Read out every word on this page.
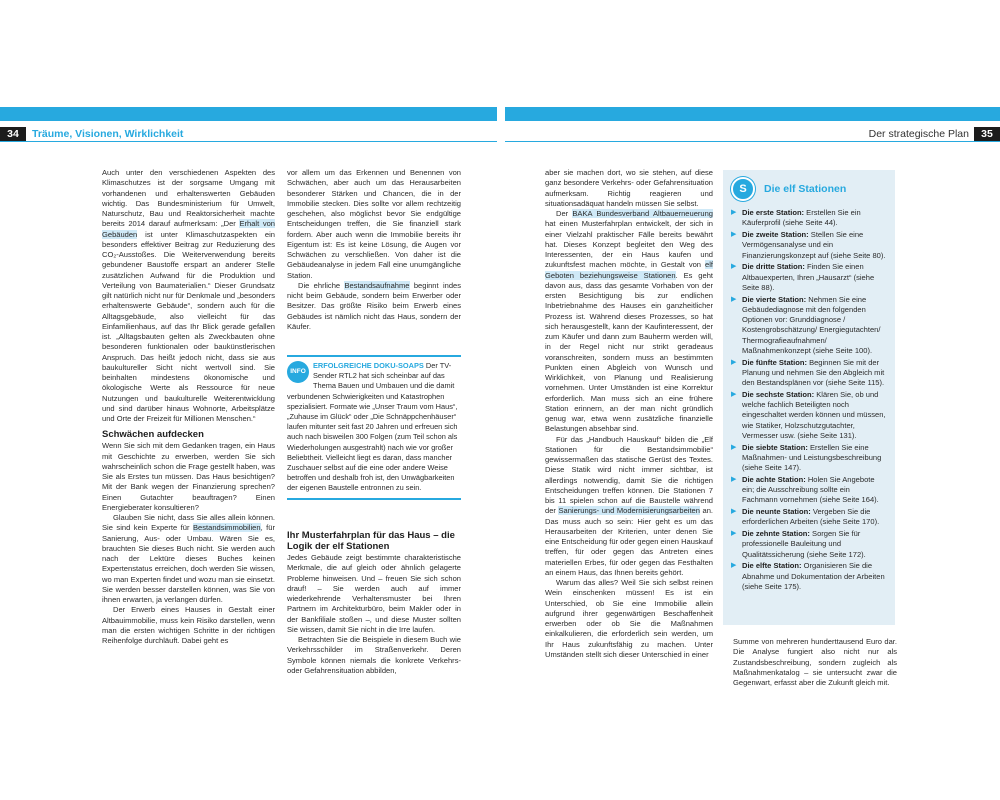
34 Träume, Visionen, Wirklichkeit	Der strategische Plan 35

Auch unter den verschiedenen Aspekten des Klimaschutzes ist der sorgsame Umgang mit vorhandenen und erhaltenswerten Gebäuden wichtig. Das Bundesministerium für Umwelt, Naturschutz, Bau und Reaktorsicherheit machte bereits 2014 darauf aufmerksam: „Der Erhalt von Gebäuden ist unter Klimaschutzaspekten ein besonders effektiver Beitrag zur Reduzierung des CO₂-Ausstoßes. Die Weiterverwendung bereits gebundener Baustoffe erspart an anderer Stelle zusätzlichen Aufwand für die Produktion und Verteilung von Baumaterialien.“ Dieser Grundsatz gilt natürlich nicht nur für Denkmale und „besonders erhaltenswerte Gebäude“, sondern auch für die Alltagsgebäude, also vielleicht für das Einfamilienhaus, auf das Ihr Blick gerade gefallen ist. „Alltagsbauten gelten als Zweckbauten ohne besonderen funktionalen oder baukünstlerischen Anspruch. Das heißt jedoch nicht, dass sie aus baukultureller Sicht nicht wertvoll sind. Sie beinhalten mindestens ökonomische und ökologische Werte als Ressource für neue Nutzungen und baukulturelle Weiterentwicklung und sind darüber hinaus Wohnorte, Arbeitsplätze und Orte der Freizeit für Millionen Menschen.“

Schwächen aufdecken

Wenn Sie sich mit dem Gedanken tragen, ein Haus mit Geschichte zu erwerben, werden Sie sich wahrscheinlich schon die Frage gestellt haben, was Sie als Erstes tun müssen. Das Haus besichtigen? Mit der Bank wegen der Finanzierung sprechen? Einen Gutachter beauftragen? Einen Energieberater konsultieren?

Glauben Sie nicht, dass Sie alles allein können. Sie sind kein Experte für Bestandsimmobilien, für Sanierung, Aus- oder Umbau. Wären Sie es, brauchten Sie dieses Buch nicht. Sie werden auch nach der Lektüre dieses Buches keinen Expertenstatus erreichen, doch werden Sie wissen, wo man Experten findet und wozu man sie einsetzt. Sie werden besser darstellen können, was Sie von ihnen erwarten, ja verlangen dürfen.

Der Erwerb eines Hauses in Gestalt einer Altbauimmobilie, muss kein Risiko darstellen, wenn man die ersten wichtigen Schritte in der richtigen Reihenfolge durchläuft. Dabei geht es

vor allem um das Erkennen und Benennen von Schwächen, aber auch um das Herausarbeiten besonderer Stärken und Chancen, die in der Immobilie stecken. Dies sollte vor allem rechtzeitig geschehen, also möglichst bevor Sie endgültige Entscheidungen treffen, die Sie finanziell stark fordern. Aber auch wenn die Immobilie bereits ihr Eigentum ist: Es ist keine Lösung, die Augen vor Schwächen zu verschließen. Von daher ist die Gebäudeanalyse in jedem Fall eine unumgängliche Station.

Die ehrliche Bestandsaufnahme beginnt indes nicht beim Gebäude, sondern beim Erwerber oder Besitzer. Das größte Risiko beim Erwerb eines Gebäudes ist nämlich nicht das Haus, sondern der Käufer.

INFO
ERFOLGREICHE DOKU-SOAPS Der TV-Sender RTL2 hat sich scheinbar auf das Thema Bauen und Umbauen und die damit verbundenen Schwierigkeiten und Katastrophen spezialisiert. Formate wie „Unser Traum vom Haus“, „Zuhause im Glück“ oder „Die Schnäppchenhäuser“ laufen mitunter seit fast 20 Jahren und erfreuen sich auch nach bisweilen 300 Folgen (zum Teil schon als Wiederholungen ausgestrahlt) nach wie vor großer Beliebtheit. Vielleicht liegt es daran, dass mancher Zuschauer selbst auf die eine oder andere Weise betroffen und deshalb froh ist, den Unwägbarkeiten der eigenen Baustelle entronnen zu sein.
Ihr Musterfahrplan für das Haus – die Logik der elf Stationen

Jedes Gebäude zeigt bestimmte charakteristische Merkmale, die auf gleich oder ähnlich gelagerte Probleme hinweisen. Und – freuen Sie sich schon drauf! – Sie werden auch auf immer wiederkehrende Verhaltensmuster bei Ihren Partnern im Architekturbüro, beim Makler oder in der Bankfiliale stoßen –, und diese Muster sollten Sie wissen, damit Sie nicht in die Irre laufen.

Betrachten Sie die Beispiele in diesem Buch wie Verkehrsschilder im Straßenverkehr. Deren Symbole können niemals die konkrete Verkehrs- oder Gefahrensituation abbilden,

aber sie machen dort, wo sie stehen, auf diese ganz besondere Verkehrs- oder Gefahrensituation aufmerksam. Richtig reagieren und situationsadäquat handeln müssen Sie selbst.

Der BAKA Bundesverband Altbauerneuerung hat einen Musterfahrplan entwickelt, der sich in einer Vielzahl praktischer Fälle bereits bewährt hat. Dieses Konzept begleitet den Weg des Interessenten, der ein Haus kaufen und zukunftsfest machen möchte, in Gestalt von elf Geboten beziehungsweise Stationen. Es geht davon aus, dass das gesamte Vorhaben von der ersten Besichtigung bis zur endlichen Inbetriebnahme des Hauses ein ganzheitlicher Prozess ist. Während dieses Prozesses, so hat sich herausgestellt, kann der Kaufinteressent, der zum Käufer und dann zum Bauherrn werden will, in der Regel nicht nur strikt geradeaus voranschreiten, sondern muss an bestimmten Punkten einen Abgleich von Wunsch und Wirklichkeit, von Planung und Realisierung vornehmen. Unter Umständen ist eine Korrektur erforderlich. Man muss sich an eine frühere Station erinnern, an der man nicht gründlich genug war, etwa wenn zusätzliche finanzielle Belastungen absehbar sind.

Für das „Handbuch Hauskauf“ bilden die „Elf Stationen für die Bestandsimmobilie“ gewissermaßen das statische Gerüst des Textes. Diese Statik wird nicht immer sichtbar, ist allerdings notwendig, damit Sie die richtigen Entscheidungen treffen können. Die Stationen 7 bis 11 spielen schon auf die Baustelle während der Sanierungs- und Modernisierungsarbeiten an. Das muss auch so sein: Hier geht es um das Herausarbeiten der Kriterien, unter denen Sie eine Entscheidung für oder gegen einen Hauskauf treffen, für oder gegen das Antreten eines materiellen Erbes, für oder gegen das Festhalten an einem Haus, das Ihnen bereits gehört.

Warum das alles? Weil Sie sich selbst reinen Wein einschenken müssen! Es ist ein Unterschied, ob Sie eine Immobilie allein aufgrund ihrer gegenwärtigen Beschaffenheit erwerben oder ob Sie die Maßnahmen einkalkulieren, die erforderlich sein werden, um Ihr Haus zukunftsfähig zu machen. Unter Umständen stellt sich dieser Unterschied in einer

S	Die elf Stationen
▶ Die erste Station: Erstellen Sie ein Käuferprofil (siehe Seite 44).
▶ Die zweite Station: Stellen Sie eine Vermögensanalyse und ein Finanzierungskonzept auf (siehe Seite 80).
▶ Die dritte Station: Finden Sie einen Altbauexperten, Ihren „Hausarzt“ (siehe Seite 88).
▶ Die vierte Station: Nehmen Sie eine Gebäudediagnose mit den folgenden Optionen vor: Grunddiagnose / Kostengrobschätzung/ Energiegutachten/ Thermografieaufnahmen/ Maßnahmenkonzept (siehe Seite 100).
▶ Die fünfte Station: Beginnen Sie mit der Planung und nehmen Sie den Abgleich mit den Bestandsplänen vor (siehe Seite 115).
▶ Die sechste Station: Klären Sie, ob und welche fachlich Beteiligten noch eingeschaltet werden können und müssen, wie Statiker, Holzschutzgutachter, Vermesser usw. (siehe Seite 131).
▶ Die siebte Station: Erstellen Sie eine Maßnahmen- und Leistungsbeschreibung (siehe Seite 147).
▶ Die achte Station: Holen Sie Angebote ein; die Ausschreibung sollte ein Fachmann vornehmen (siehe Seite 164).
▶ Die neunte Station: Vergeben Sie die erforderlichen Arbeiten (siehe Seite 170).
▶ Die zehnte Station: Sorgen Sie für professionelle Bauleitung und Qualitätssicherung (siehe Seite 172).
▶ Die elfte Station: Organisieren Sie die Abnahme und Dokumentation der Arbeiten (siehe Seite 175).

Summe von mehreren hunderttausend Euro dar. Die Analyse fungiert also nicht nur als Zustandsbeschreibung, sondern zugleich als Maßnahmenkatalog – sie untersucht zwar die Gegenwart, erfasst aber die Zukunft gleich mit.
